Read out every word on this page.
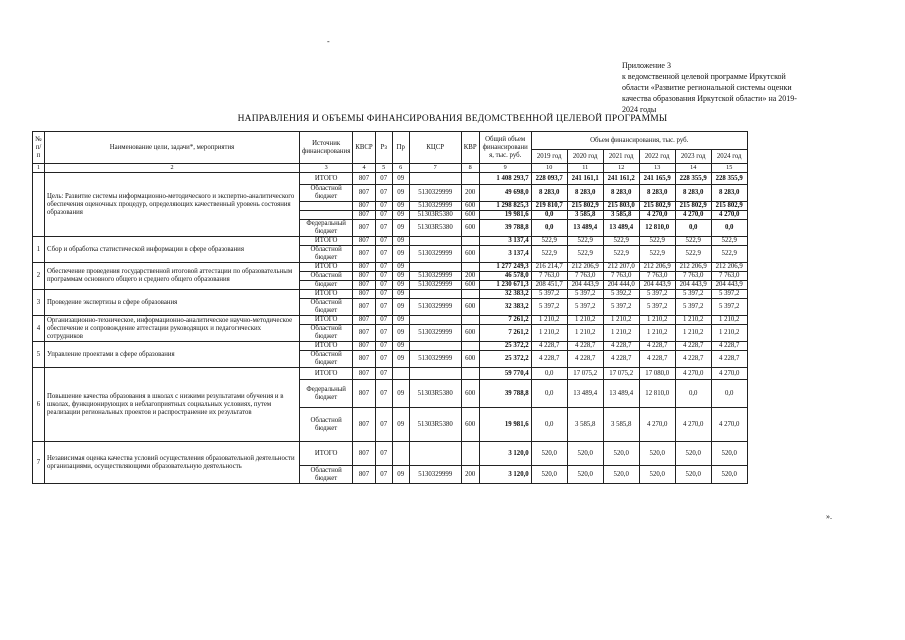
-
Приложение 3
к ведомственной целевой программе Иркутской
области «Развитие региональной системы оценки
качества образования Иркутской области» на 2019-
2024 годы
НАПРАВЛЕНИЯ И ОБЪЕМЫ ФИНАНСИРОВАНИЯ ВЕДОМСТВЕННОЙ ЦЕЛЕВОЙ ПРОГРАММЫ
№ п/п	Наименование цели, задачи*, мероприятия	Источник финансирования	КВСР	Рз	Пр	КЦСР	КВР	Общий объем финансировани я, тыс. руб.	Объем финансирования, тыс. руб.					
									2019 год	2020 год	2021 год	2022 год	2023 год	2024 год
1	2	3	4	5	6	7	8	9	10	11	12	13	14	15
	Цель: Развитие системы информационно-методического и экспертно-аналитического обеспечения оценочных процедур, определяющих качественный уровень состояния образования	ИТОГО	807	07	09			1 408 293,7	228 093,7	241 161,1	241 161,2	241 165,9	228 355,9	228 355,9
		Областной бюджет	807	07	09	5130329999	200	49 698,0	8 283,0	8 283,0	8 283,0	8 283,0	8 283,0	8 283,0
			807	07	09	5130329999	600	1 298 825,3	219 810,7	215 802,9	215 803,0	215 802,9	215 802,9	215 802,9
			807	07	09	51303R5380	600	19 981,6	0,0	3 585,8	3 585,8	4 270,0	4 270,0	4 270,0
		Федеральный бюджет	807	07	09	51303R5380	600	39 788,8	0,0	13 489,4	13 489,4	12 810,0	0,0	0,0
1	Сбор и обработка статистической информации в сфере образования	ИТОГО	807	07	09			3 137,4	522,9	522,9	522,9	522,9	522,9	522,9
		Областной бюджет	807	07	09	5130329999	600	3 137,4	522,9	522,9	522,9	522,9	522,9	522,9
2	Обеспечение проведения государственной итоговой аттестации по образовательным программам основного общего и среднего общего образования	ИТОГО	807	07	09			1 277 249,3	216 214,7	212 206,9	212 207,0	212 206,9	212 206,9	212 206,9
		Областной	807	07	09	5130329999	200	46 578,0	7 763,0	7 763,0	7 763,0	7 763,0	7 763,0	7 763,0
		бюджет	807	07	09	5130329999	600	1 230 671,3	208 451,7	204 443,9	204 444,0	204 443,9	204 443,9	204 443,9
3	Проведение экспертизы в сфере образования	ИТОГО	807	07	09			32 383,2	5 397,2	5 397,2	5 392,2	5 397,2	5 397,2	5 397,2
		Областной бюджет	807	07	09	5130329999	600	32 383,2	5 397,2	5 397,2	5 397,2	5 397,2	5 397,2	5 397,2
4	Организационно-техническое, информационно-аналитическое научно-методическое обеспечение и сопровождение аттестации руководящих и педагогических сотрудников	ИТОГО	807	07	09			7 261,2	1 210,2	1 210,2	1 210,2	1 210,2	1 210,2	1 210,2
		Областной бюджет	807	07	09	5130329999	600	7 261,2	1 210,2	1 210,2	1 210,2	1 210,2	1 210,2	1 210,2
5	Управление проектами в сфере образования	ИТОГО	807	07	09			25 372,2	4 228,7	4 228,7	4 228,7	4 228,7	4 228,7	4 228,7
		Областной бюджет	807	07	09	5130329999	600	25 372,2	4 228,7	4 228,7	4 228,7	4 228,7	4 228,7	4 228,7
6	Повышение качества образования в школах с низкими результатами обучения и в школах, функционирующих в неблагоприятных социальных условиях, путем реализации региональных проектов и распространение их результатов	ИТОГО	807	07				59 770,4	0,0	17 075,2	17 075,2	17 080,0	4 270,0	4 270,0
		Федеральный бюджет	807	07	09	51303R5380	600	39 788,8	0,0	13 489,4	13 489,4	12 810,0	0,0	0,0
		Областной бюджет	807	07	09	51303R5380	600	19 981,6	0,0	3 585,8	3 585,8	4 270,0	4 270,0	4 270,0
7	Независимая оценка качества условий осуществления образовательной деятельности организациями, осуществляющими образовательную деятельность	ИТОГО	807	07				3 120,0	520,0	520,0	520,0	520,0	520,0	520,0
		Областной бюджет	807	07	09	5130329999	200	3 120,0	520,0	520,0	520,0	520,0	520,0	520,0
».
